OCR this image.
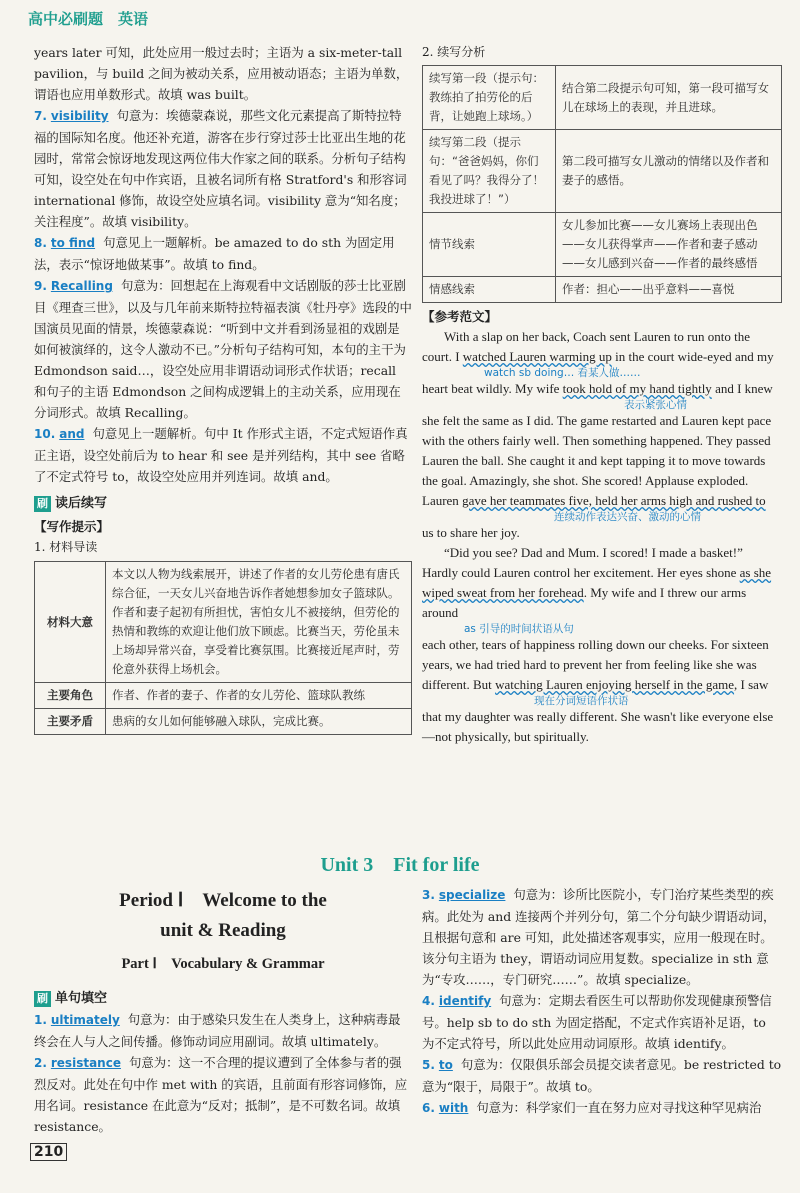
高中必刷题　英语

years later 可知，此处应用一般过去时；主语为 a six-meter-tall pavilion，与 build 之间为被动关系，应用被动语态；主语为单数，谓语也应用单数形式。故填 was built。

7. visibility 句意为：埃德蒙森说，那些文化元素提高了斯特拉特福的国际知名度。他还补充道，游客在步行穿过莎士比亚出生地的花园时，常常会惊讶地发现这两位伟大作家之间的联系。分析句子结构可知，设空处在句中作宾语，且被名词所有格 Stratford's 和形容词 international 修饰，故设空处应填名词。visibility 意为“知名度；关注程度”。故填 visibility。

8. to find 句意见上一题解析。be amazed to do sth 为固定用法，表示“惊讶地做某事”。故填 to find。

9. Recalling 句意为：回想起在上海观看中文话剧版的莎士比亚剧目《理查三世》，以及与几年前来斯特拉特福表演《牡丹亭》选段的中国演员见面的情景，埃德蒙森说：“听到中文并看到汤显祖的戏剧是如何被演绎的，这令人激动不已。”分析句子结构可知，本句的主干为 Edmondson said…，设空处应用非谓语动词形式作状语；recall 和句子的主语 Edmondson 之间构成逻辑上的主动关系，应用现在分词形式。故填 Recalling。

10. and 句意见上一题解析。句中 It 作形式主语，不定式短语作真正主语，设空处前后为 to hear 和 see 是并列结构，其中 see 省略了不定式符号 to，故设空处应用并列连词。故填 and。

刷 读后续写
【写作提示】
1. 材料导读
材料大意	本文以人物为线索展开，讲述了作者的女儿劳伦患有唐氏综合征，一天女儿兴奋地告诉作者她想参加女子篮球队。作者和妻子起初有所担忧，害怕女儿不被接纳，但劳伦的热情和教练的欢迎让他们放下顾虑。比赛当天，劳伦虽未上场却异常兴奋，享受着比赛氛围。比赛接近尾声时，劳伦意外获得上场机会。
主要角色	作者、作者的妻子、作者的女儿劳伦、篮球队教练
主要矛盾	患病的女儿如何能够融入球队，完成比赛。
2. 续写分析
续写第一段（提示句：教练拍了拍劳伦的后背，让她跑上球场。）	结合第二段提示句可知，第一段可描写女儿在球场上的表现，并且进球。
续写第二段（提示句：“爸爸妈妈，你们看见了吗？我得分了！我投进球了！”）	第二段可描写女儿激动的情绪以及作者和妻子的感悟。
情节线索	女儿参加比赛——女儿赛场上表现出色——女儿获得掌声——作者和妻子感动——女儿感到兴奋——作者的最终感悟
情感线索	作者：担心——出乎意料——喜悦
【参考范文】

With a slap on her back, Coach sent Lauren to run onto the court. I watched Lauren warming up in the court wide-eyed and my
watch sb doing… 看某人做……
heart beat wildly. My wife took hold of my hand tightly and I knew
表示紧张心情
she felt the same as I did. The game restarted and Lauren kept pace with the others fairly well. Then something happened. They passed Lauren the ball. She caught it and kept tapping it to move towards the goal. Amazingly, she shot. She scored! Applause exploded. Lauren gave her teammates five, held her arms high and rushed to
连续动作表达兴奋、激动的心情
us to share her joy.

“Did you see? Dad and Mum. I scored! I made a basket!” Hardly could Lauren control her excitement. Her eyes shone as she wiped sweat from her forehead. My wife and I threw our arms around
as 引导的时间状语从句
each other, tears of happiness rolling down our cheeks. For sixteen years, we had tried hard to prevent her from feeling like she was different. But watching Lauren enjoying herself in the game, I saw
现在分词短语作状语
that my daughter was really different. She wasn't like everyone else—not physically, but spiritually.

Unit 3　Fit for life
Period Ⅰ　Welcome to the
unit & Reading
Part Ⅰ　Vocabulary & Grammar
刷 单句填空

1. ultimately 句意为：由于感染只发生在人类身上，这种病毒最终会在人与人之间传播。修饰动词应用副词。故填 ultimately。

2. resistance 句意为：这一不合理的提议遭到了全体参与者的强烈反对。此处在句中作 met with 的宾语，且前面有形容词修饰，应用名词。resistance 在此意为“反对；抵制”，是不可数名词。故填 resistance。

3. specialize 句意为：诊所比医院小，专门治疗某些类型的疾病。此处为 and 连接两个并列分句，第二个分句缺少谓语动词，且根据句意和 are 可知，此处描述客观事实，应用一般现在时。该分句主语为 they，谓语动词应用复数。specialize in sth 意为“专攻……，专门研究……”。故填 specialize。

4. identify 句意为：定期去看医生可以帮助你发现健康预警信号。help sb to do sth 为固定搭配，不定式作宾语补足语，to 为不定式符号，所以此处应用动词原形。故填 identify。

5. to 句意为：仅限俱乐部会员提交读者意见。be restricted to 意为“限于，局限于”。故填 to。

6. with 句意为：科学家们一直在努力应对寻找这种罕见病治

210
